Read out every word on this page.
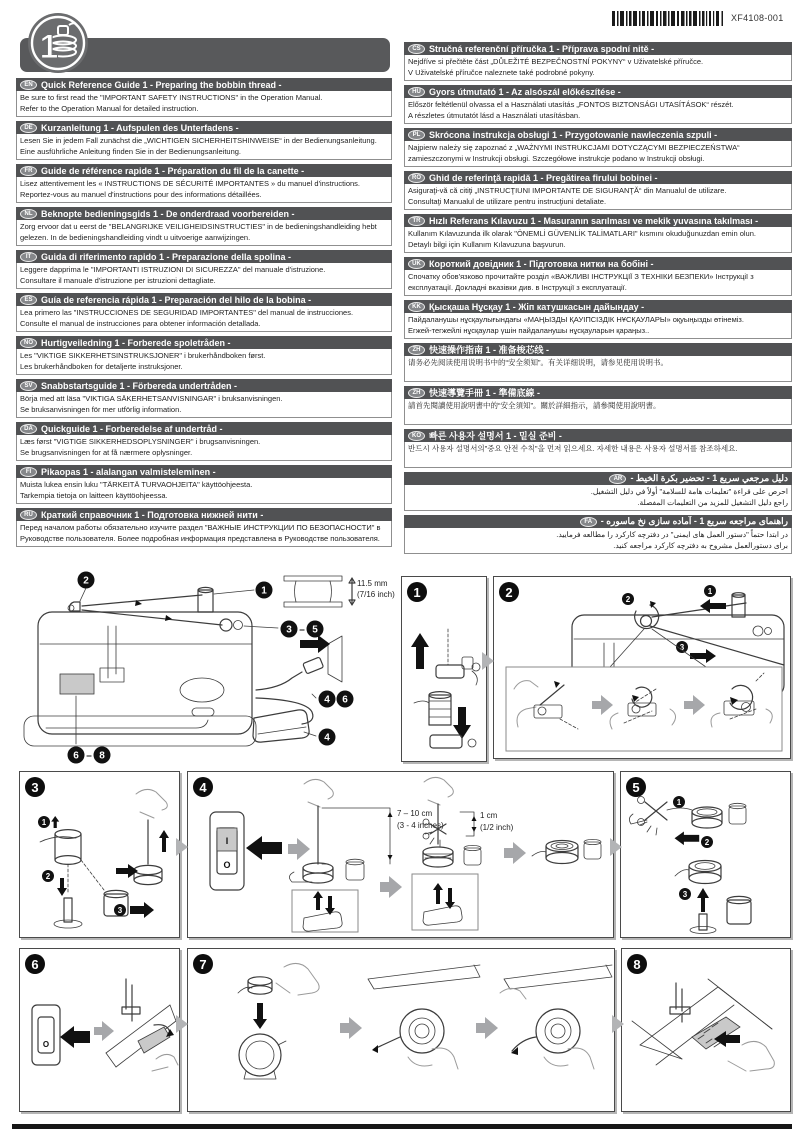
1
XF4108-001
EN Quick Reference Guide 1 - Preparing the bobbin thread -
Be sure to first read the "IMPORTANT SAFETY INSTRUCTIONS" in the Operation Manual.
Refer to the Operation Manual for detailed instruction.
DE Kurzanleitung 1 - Aufspulen des Unterfadens -
Lesen Sie in jedem Fall zunächst die „WICHTIGEN SICHERHEITSHINWEISE“ in der Bedienungsanleitung.
Eine ausführliche Anleitung finden Sie in der Bedienungsanleitung.
FR Guide de référence rapide 1 - Préparation du fil de la canette -
Lisez attentivement les « INSTRUCTIONS DE SÉCURITÉ IMPORTANTES » du manuel d'instructions.
Reportez-vous au manuel d'instructions pour des informations détaillées.
NL Beknopte bedieningsgids 1 - De onderdraad voorbereiden -
Zorg ervoor dat u eerst de "BELANGRIJKE VEILIGHEIDSINSTRUCTIES" in de bedieningshandleiding hebt
gelezen. In de bedieningshandleiding vindt u uitvoerige aanwijzingen.
IT	Guida di riferimento rapido 1 - Preparazione della spolina -
Leggere dapprima le "IMPORTANTI ISTRUZIONI DI SICUREZZA" del manuale d'istruzione.
Consultare il manuale d'istruzione per istruzioni dettagliate.
ES Guía de referencia rápida 1 - Preparación del hilo de la bobina -
Lea primero las "INSTRUCCIONES DE SEGURIDAD IMPORTANTES" del manual de instrucciones.
Consulte el manual de instrucciones para obtener información detallada.
NO Hurtigveiledning 1 - Forberede spoletråden -
Les "VIKTIGE SIKKERHETSINSTRUKSJONER" i brukerhåndboken først.
Les brukerhåndboken for detaljerte instruksjoner.
SV Snabbstartsguide 1 - Förbereda undertråden -
Börja med att läsa "VIKTIGA SÄKERHETSANVISNINGAR" i bruksanvisningen.
Se bruksanvisningen för mer utförlig information.
DA Quickguide 1 - Forberedelse af undertråd -
Læs først "VIGTIGE SIKKERHEDSOPLYSNINGER" i brugsanvisningen.
Se brugsanvisningen for at få nærmere oplysninger.
FI	Pikaopas 1 - alalangan valmisteleminen -
Muista lukea ensin luku "TÄRKEITÄ TURVAOHJEITA" käyttöohjeesta.
Tarkempia tietoja on laitteen käyttöohjeessa.
RU Краткий справочник 1 - Подготовка нижней нити -
Перед началом работы обязательно изучите раздел "ВАЖНЫЕ ИНСТРУКЦИИ ПО БЕЗОПАСНОСТИ" в
Руководстве пользователя. Более подробная информация представлена в Руководстве пользователя.
CS Stručná referenční příručka 1 - Příprava spodní nitě -
Nejdříve si přečtěte část „DŮLEŽITÉ BEZPEČNOSTNÍ POKYNY“ v Uživatelské příručce.
V Uživatelské příručce naleznete také podrobné pokyny.
HU Gyors útmutató 1 - Az alsószál előkészítése -
Először feltétlenül olvassa el a Használati utasítás „FONTOS BIZTONSÁGI UTASÍTÁSOK“ részét.
A részletes útmutatót lásd a Használati utasításban.
PL Skrócona instrukcja obsługi 1 - Przygotowanie nawleczenia szpuli -
Najpierw należy się zapoznać z „WAŻNYMI INSTRUKCJAMI DOTYCZĄCYMI BEZPIECZEŃSTWA“
zamieszczonymi w Instrukcji obsługi. Szczegółowe instrukcje podano w Instrukcji obsługi.
RO Ghid de referinţă rapidă 1 - Pregătirea firului bobinei -
Asiguraţi-vă că citiţi „INSTRUCŢIUNI IMPORTANTE DE SIGURANŢĂ“ din Manualul de utilizare.
Consultaţi Manualul de utilizare pentru instrucţiuni detaliate.
TR Hızlı Referans Kılavuzu 1 - Masuranın sarılması ve mekik yuvasına takılması -
Kullanım Kılavuzunda ilk olarak "ÖNEMLİ GÜVENLİK TALİMATLARI" kısmını okuduğunuzdan emin olun.
Detaylı bilgi için Kullanım Kılavuzuna başvurun.
UK Короткий довідник 1 - Підготовка нитки на бобіні -
Спочатку обов'язково прочитайте розділ «ВАЖЛИВІ ІНСТРУКЦІЇ З ТЕХНІКИ БЕЗПЕКИ» Інструкції з
експлуатації. Докладні вказівки див. в Інструкції з експлуатації.
KK Қысқаша Нұсқау 1 - Жіп катушкасын дайындау -
Пайдаланушы нұсқаулығындағы «МАҢЫЗДЫ ҚАУІПСІЗДІК НҰСҚАУЛАРЫ» оқуыңызды өтінеміз.
Егжей-тегжейлі нұсқаулар үшін пайдаланушы нұсқауларын қараңыз..
ZH 快速操作指南 1 - 准备梭芯线 -
请务必先阅读使用说明书中的“安全须知”。有关详细说明，请参见使用说明书。
ZH 快速導覽手冊 1 - 準備底線 -
請首先閱讀使用說明書中的“安全須知”。關於詳細指示，請參閱使用說明書。
KO 빠른 사용자 설명서 1 - 밑실 준비 -
반드시 사용자 설명서의"중요 안전 수칙"을 먼저 읽으세요. 자세한 내용은 사용자 설명서를 참조하세요.
AR دليل مرجعي سريع 1 - تحضير بكرة الخيط -
احرص على قراءة "تعليمات هامة للسلامة" أولاً في دليل التشغيل.
راجع دليل التشغيل للمزيد من التعليمات المفصلة.
FA راهنمای مراجعه سريع 1 - آماده سازی نخ ماسوره -
در ابتدا حتماً "دستور العمل های ايمنی" در دفترچه کارکرد را مطالعه فرماييد.
برای دستورالعمل مشروح به دفترچه کارکرد مراجعه کنيد.
1
2
3 – 5
4 6
4
6 – 8
11.5 mm
(7/16 inch) 1	2	1
2
3
3
1
2
3
4
I
O
7 – 10 cm
(3 - 4 inches)
1 cm
(1/2 inch)
5
1
2
3
6
O
7	8
